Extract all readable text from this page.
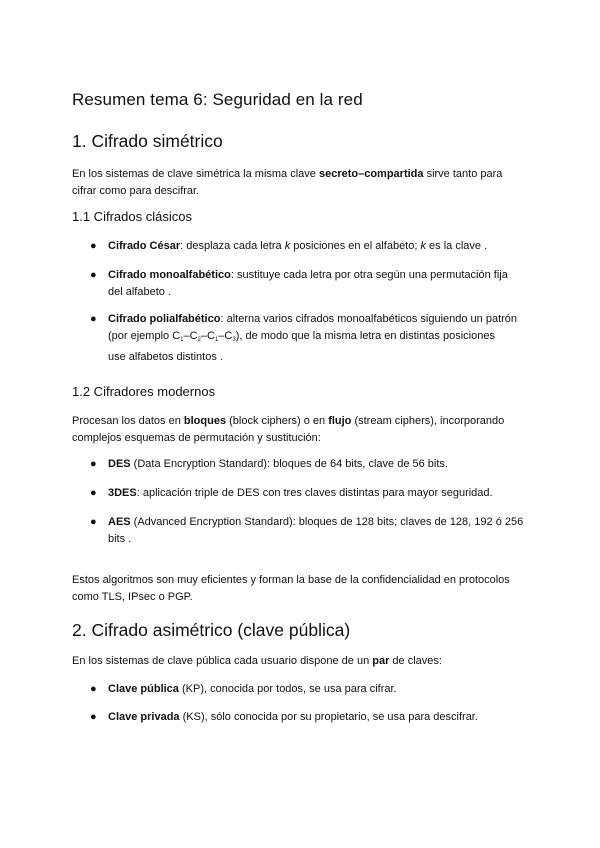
Resumen tema 6: Seguridad en la red
1. Cifrado simétrico
En los sistemas de clave simétrica la misma clave secreto–compartida sirve tanto para
cifrar como para descifrar.
1.1 Cifrados clásicos
● Cifrado César: desplaza cada letra k posiciones en el alfabeto; k es la clave .
● Cifrado monoalfabético: sustituye cada letra por otra según una permutación fija
del alfabeto .
● Cifrado polialfabético: alterna varios cifrados monoalfabéticos siguiendo un patrón
(por ejemplo $C_1-C_2-C_1-C_3$), de modo que la misma letra en distintas posiciones
use alfabetos distintos .
1.2 Cifradores modernos
Procesan los datos en bloques (block ciphers) o en flujo (stream ciphers), incorporando
complejos esquemas de permutación y sustitución:
● DES (Data Encryption Standard): bloques de 64 bits, clave de 56 bits.
● 3DES: aplicación triple de DES con tres claves distintas para mayor seguridad.
● AES (Advanced Encryption Standard): bloques de 128 bits; claves de 128, 192 ó 256
bits .
Estos algoritmos son muy eficientes y forman la base de la confidencialidad en protocolos
como TLS, IPsec o PGP.
2. Cifrado asimétrico (clave pública)
En los sistemas de clave pública cada usuario dispone de un par de claves:
● Clave pública (KP), conocida por todos, se usa para cifrar.
● Clave privada (KS), sólo conocida por su propietario, se usa para descifrar.
